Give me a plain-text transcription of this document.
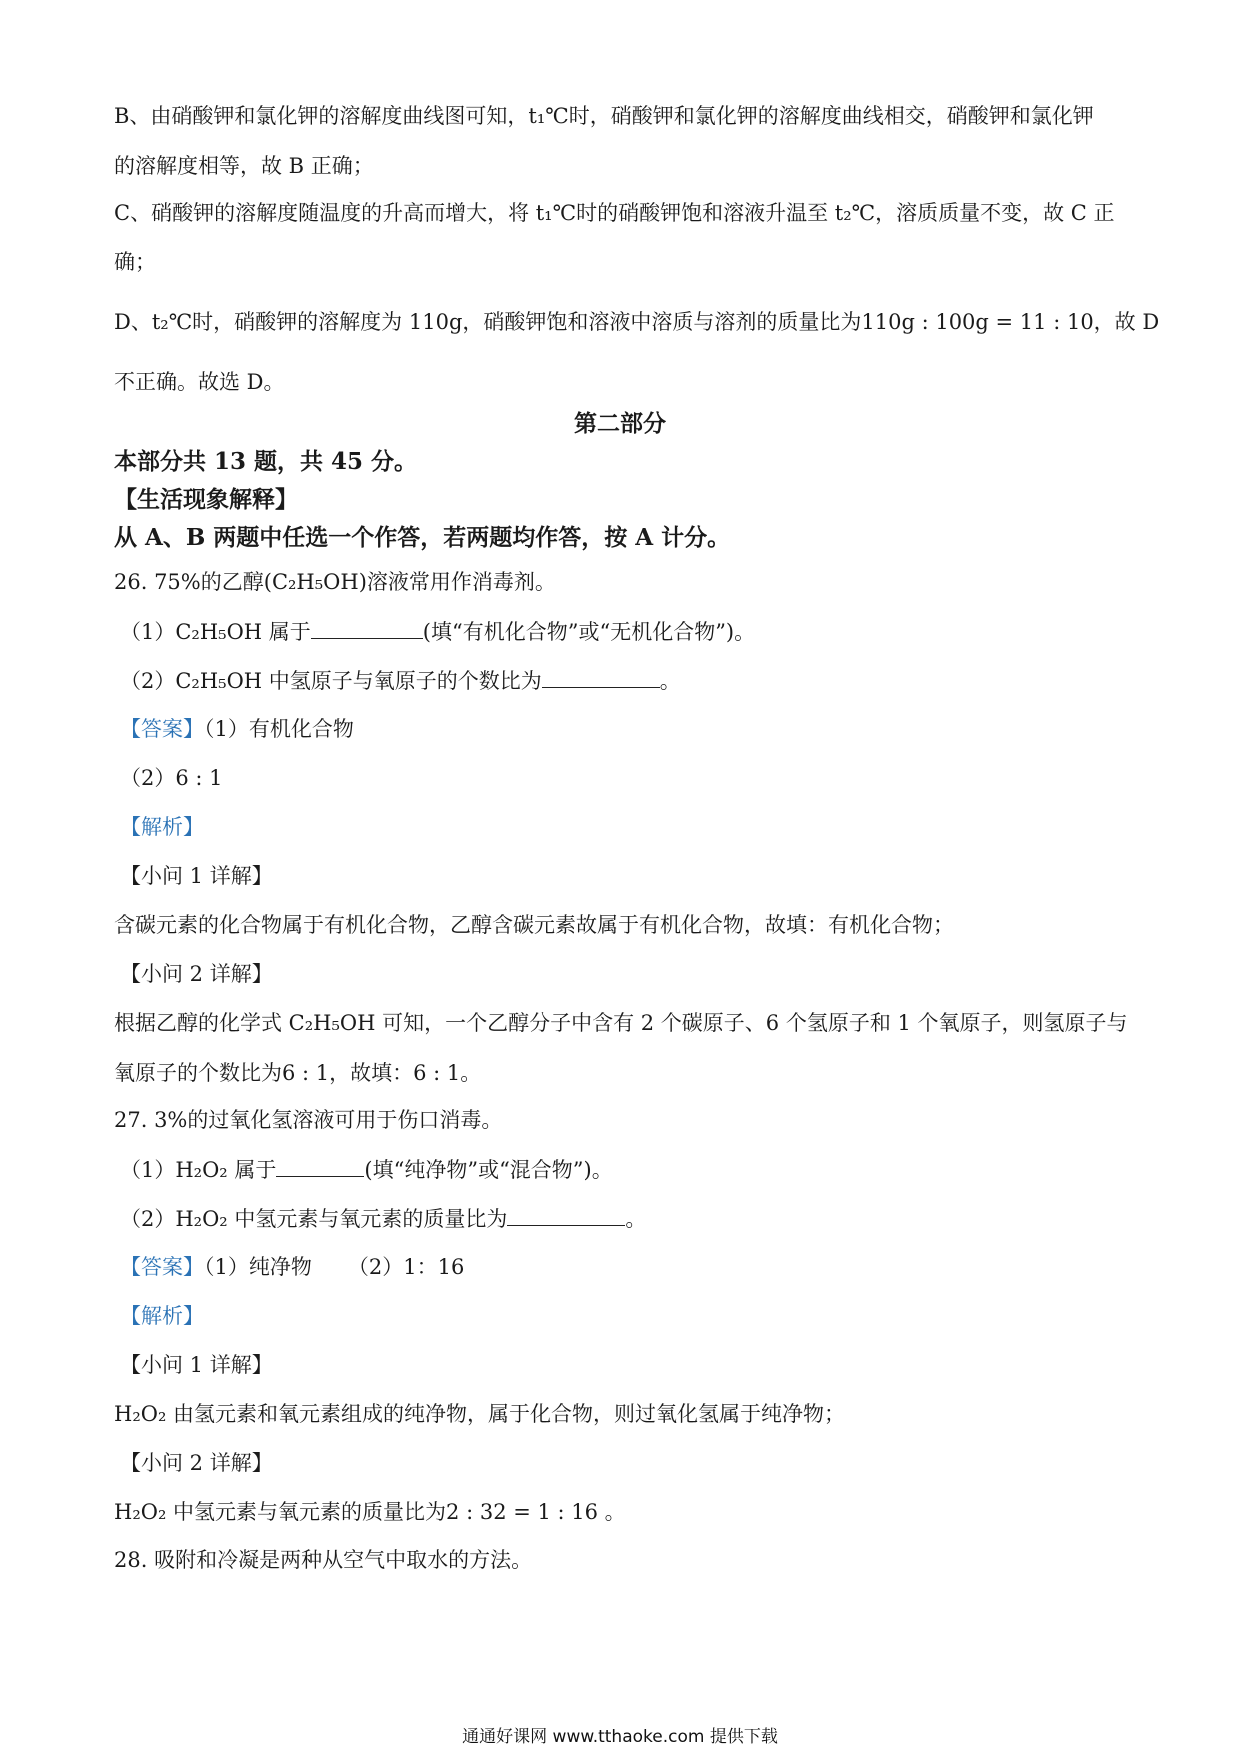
B、由硝酸钾和氯化钾的溶解度曲线图可知，t₁℃时，硝酸钾和氯化钾的溶解度曲线相交，硝酸钾和氯化钾
的溶解度相等，故 B 正确；
C、硝酸钾的溶解度随温度的升高而增大，将 t₁℃时的硝酸钾饱和溶液升温至 t₂℃，溶质质量不变，故 C 正
确；
D、t₂℃时，硝酸钾的溶解度为 110g，硝酸钾饱和溶液中溶质与溶剂的质量比为110g : 100g = 11 : 10，故 D
不正确。故选 D。
第二部分
本部分共 13 题，共 45 分。
【生活现象解释】
从 A、B 两题中任选一个作答，若两题均作答，按 A 计分。
26. 75%的乙醇(C₂H₅OH)溶液常用作消毒剂。
（1）C₂H₅OH 属于	(填“有机化合物”或“无机化合物”)。
（2）C₂H₅OH 中氢原子与氧原子的个数比为	。
【答案】（1）有机化合物
（2）6 : 1
【解析】
【小问 1 详解】
含碳元素的化合物属于有机化合物，乙醇含碳元素故属于有机化合物，故填：有机化合物；
【小问 2 详解】
根据乙醇的化学式 C₂H₅OH 可知，一个乙醇分子中含有 2 个碳原子、6 个氢原子和 1 个氧原子，则氢原子与
氧原子的个数比为6 : 1，故填：6 : 1。
27. 3%的过氧化氢溶液可用于伤口消毒。
（1）H₂O₂ 属于	(填“纯净物”或“混合物”)。
（2）H₂O₂ 中氢元素与氧元素的质量比为	。
【答案】（1）纯净物 （2）1：16
【解析】
【小问 1 详解】
H₂O₂ 由氢元素和氧元素组成的纯净物，属于化合物，则过氧化氢属于纯净物；
【小问 2 详解】
H₂O₂ 中氢元素与氧元素的质量比为2 : 32 = 1 : 16 。
28. 吸附和冷凝是两种从空气中取水的方法。
通通好课网 www.tthaoke.com 提供下载
